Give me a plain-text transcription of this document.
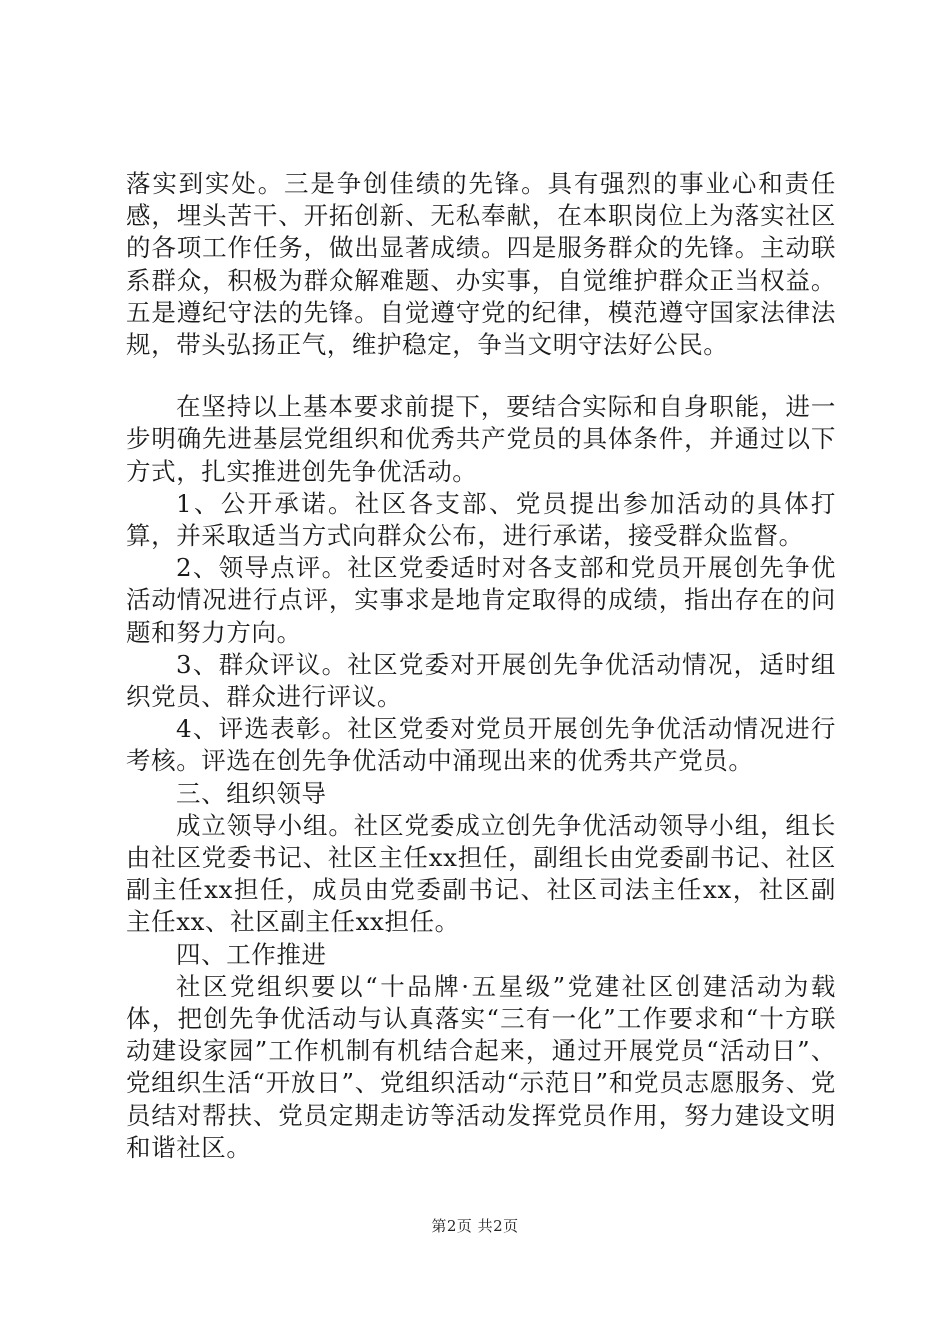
落实到实处。三是争创佳绩的先锋。具有强烈的事业心和责任感，埋头苦干、开拓创新、无私奉献，在本职岗位上为落实社区的各项工作任务，做出显著成绩。四是服务群众的先锋。主动联系群众，积极为群众解难题、办实事，自觉维护群众正当权益。五是遵纪守法的先锋。自觉遵守党的纪律，模范遵守国家法律法规，带头弘扬正气，维护稳定，争当文明守法好公民。

在坚持以上基本要求前提下，要结合实际和自身职能，进一步明确先进基层党组织和优秀共产党员的具体条件，并通过以下方式，扎实推进创先争优活动。

1、公开承诺。社区各支部、党员提出参加活动的具体打算，并采取适当方式向群众公布，进行承诺，接受群众监督。

2、领导点评。社区党委适时对各支部和党员开展创先争优活动情况进行点评，实事求是地肯定取得的成绩，指出存在的问题和努力方向。

3、群众评议。社区党委对开展创先争优活动情况，适时组织党员、群众进行评议。

4、评选表彰。社区党委对党员开展创先争优活动情况进行考核。评选在创先争优活动中涌现出来的优秀共产党员。

三、组织领导

成立领导小组。社区党委成立创先争优活动领导小组，组长由社区党委书记、社区主任xx担任，副组长由党委副书记、社区副主任xx担任，成员由党委副书记、社区司法主任xx，社区副主任xx、社区副主任xx担任。

四、工作推进

社区党组织要以“十品牌·五星级”党建社区创建活动为载体，把创先争优活动与认真落实“三有一化”工作要求和“十方联动建设家园”工作机制有机结合起来，通过开展党员“活动日”、党组织生活“开放日”、党组织活动“示范日”和党员志愿服务、党员结对帮扶、党员定期走访等活动发挥党员作用，努力建设文明和谐社区。

第2页 共2页
